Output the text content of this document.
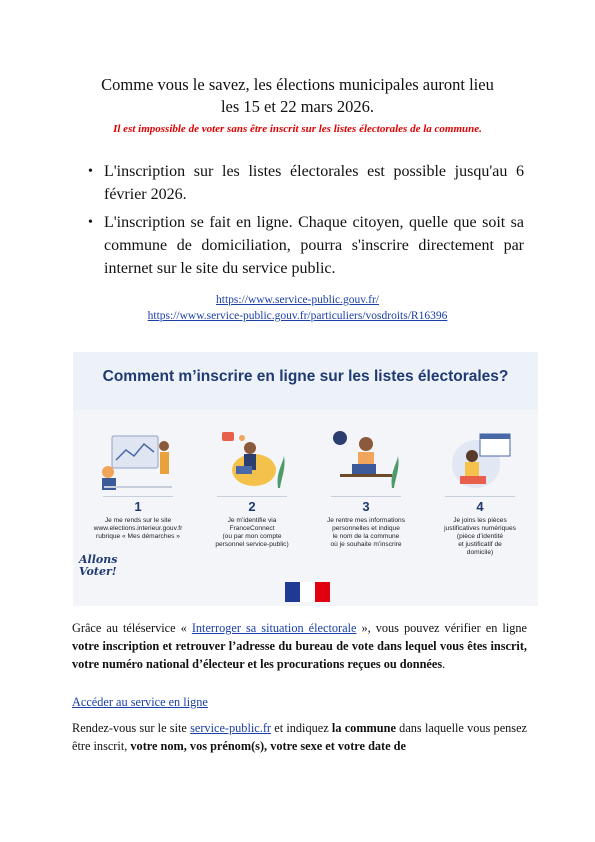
Comme vous le savez, les élections municipales auront lieu
les 15 et 22 mars 2026.
Il est impossible de voter sans être inscrit sur les listes électorales de la commune.
• L'inscription sur les listes électorales est possible jusqu'au 6 février 2026.
• L'inscription se fait en ligne. Chaque citoyen, quelle que soit sa commune de domiciliation, pourra s'inscrire directement par internet sur le site du service public.
https://www.service-public.gouv.fr/
https://www.service-public.gouv.fr/particuliers/vosdroits/R16396
Comment m’inscrire en ligne sur les listes électorales?
1
Je me rends sur le site
www.elections.interieur.gouv.fr
rubrique « Mes démarches »
2
Je m’identifie via
FranceConnect
(ou par mon compte
personnel service-public)
3
Je rentre mes informations
personnelles et indique
le nom de la commune
où je souhaite m’inscrire
4
Je joins les pièces
justificatives numériques
(pièce d’identité
et justificatif de
domicile)
Allons
Voter!
Grâce au téléservice « Interroger sa situation électorale », vous pouvez vérifier en ligne votre inscription et retrouver l’adresse du bureau de vote dans lequel vous êtes inscrit, votre numéro national d’électeur et les procurations reçues ou données.
Accéder au service en ligne
Rendez-vous sur le site service-public.fr et indiquez la commune dans laquelle vous pensez être inscrit, votre nom, vos prénom(s), votre sexe et votre date de
